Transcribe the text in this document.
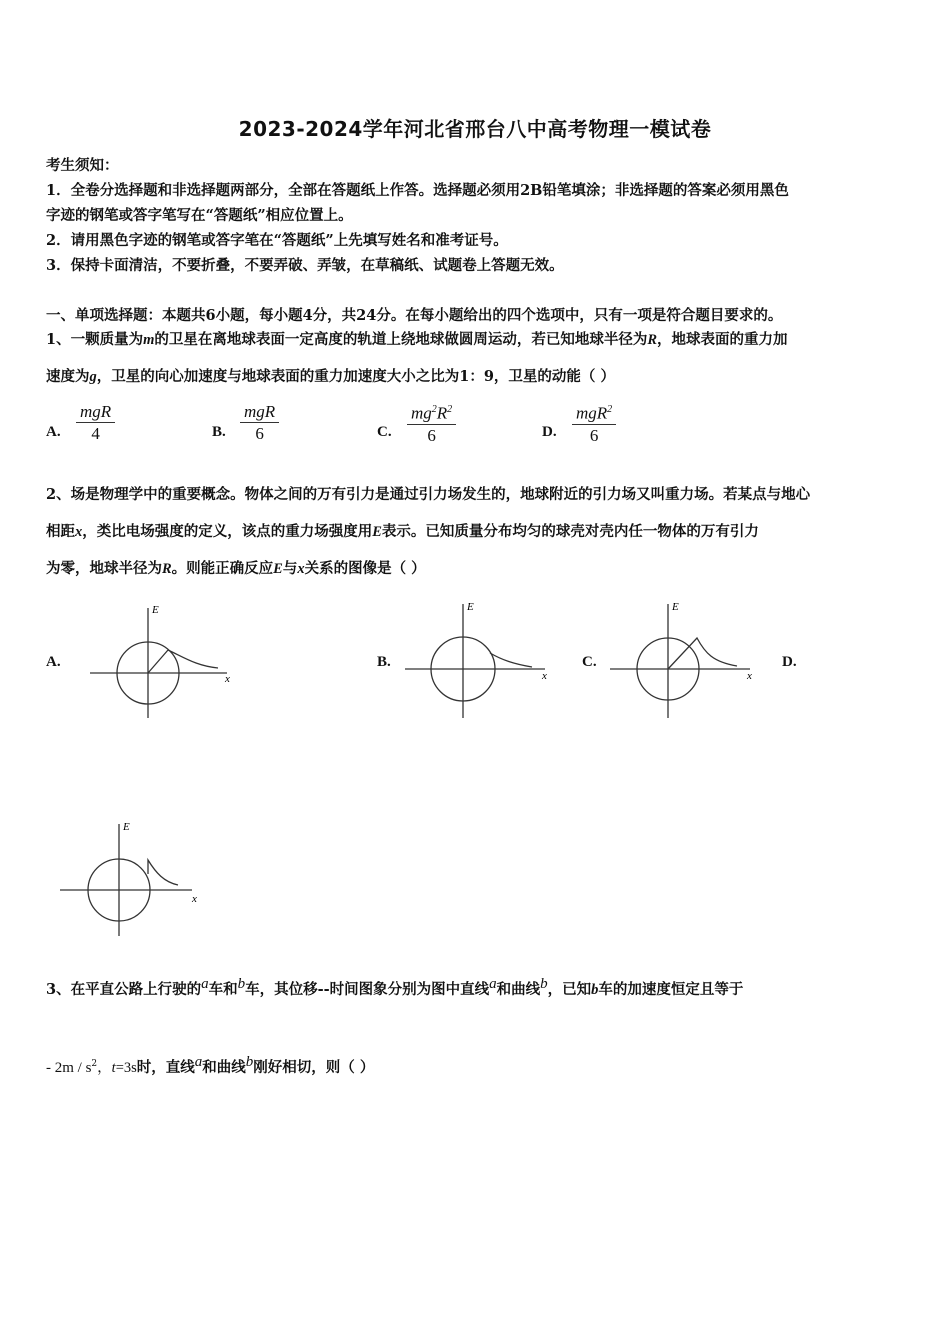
2023-2024学年河北省邢台八中高考物理一模试卷
考生须知：
1．全卷分选择题和非选择题两部分，全部在答题纸上作答。选择题必须用2B铅笔填涂；非选择题的答案必须用黑色
字迹的钢笔或答字笔写在“答题纸”相应位置上。
2．请用黑色字迹的钢笔或答字笔在“答题纸”上先填写姓名和准考证号。
3．保持卡面清洁，不要折叠，不要弄破、弄皱，在草稿纸、试题卷上答题无效。
一、单项选择题：本题共6小题，每小题4分，共24分。在每小题给出的四个选项中，只有一项是符合题目要求的。
1、一颗质量为m的卫星在离地球表面一定高度的轨道上绕地球做圆周运动，若已知地球半径为R，地球表面的重力加
速度为g，卫星的向心加速度与地球表面的重力加速度大小之比为1：9，卫星的动能（ ）
A.
mgR
4	B.
mgR
6	C. $\frac{mg^2R^2}{6}$	D.
mgR$^2$
6
2、场是物理学中的重要概念。物体之间的万有引力是通过引力场发生的，地球附近的引力场又叫重力场。若某点与地心
相距x，类比电场强度的定义，该点的重力场强度用E表示。已知质量分布均匀的球壳对壳内任一物体的万有引力
为零，地球半径为R。则能正确反应E与x关系的图像是（ ）
A.	B.	C.	D.
E
x
E
x
E
x
E
x
3、在平直公路上行驶的$^a$车和$^b$车，其位移--时间图象分别为图中直线$^a$和曲线$^b$，已知b车的加速度恒定且等于
- $2m / s^2$，t=3s时，直线$^a$和曲线$^b$刚好相切，则（ ）
